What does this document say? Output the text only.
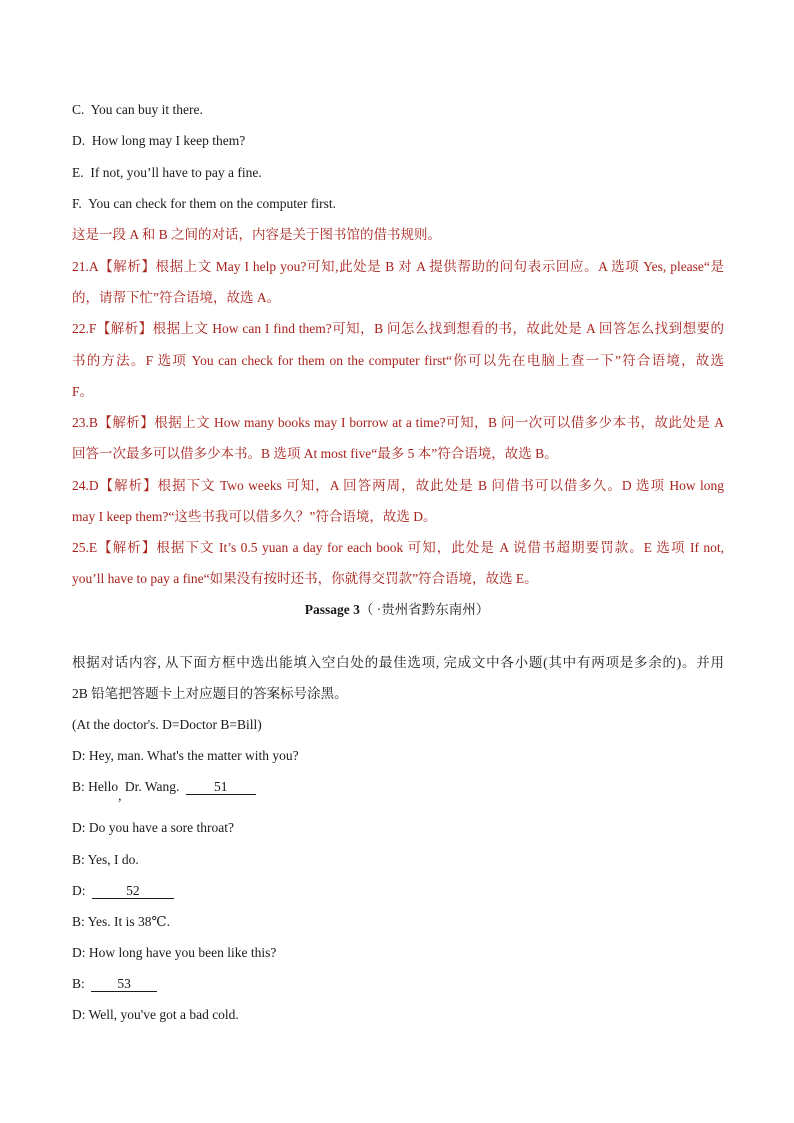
C. You can buy it there.
D. How long may I keep them?
E. If not, you’ll have to pay a fine.
F. You can check for them on the computer first.
这是一段 A 和 B 之间的对话，内容是关于图书馆的借书规则。
21.A【解析】根据上文 May I help you?可知,此处是 B 对 A 提供帮助的问句表示回应。A 选项 Yes, please“是
的，请帮下忙”符合语境，故选 A。
22.F【解析】根据上文 How can I find them?可知，B 问怎么找到想看的书，故此处是 A 回答怎么找到想要的
书的方法。F 选项 You can check for them on the computer first“你可以先在电脑上查一下”符合语境，故选
F。
23.B【解析】根据上文 How many books may I borrow at a time?可知，B 问一次可以借多少本书，故此处是 A
回答一次最多可以借多少本书。B 选项 At most five“最多 5 本”符合语境，故选 B。
24.D【解析】根据下文 Two weeks 可知，A 回答两周，故此处是 B 问借书可以借多久。D 选项 How long
may I keep them?“这些书我可以借多久？”符合语境，故选 D。
25.E【解析】根据下文 It’s 0.5 yuan a day for each book 可知，此处是 A 说借书超期要罚款。E 选项 If not,
you’ll have to pay a fine“如果没有按时还书，你就得交罚款”符合语境，故选 E。
Passage 3（ ·贵州省黔东南州）
根据对话内容, 从下面方框中选出能填入空白处的最佳选项, 完成文中各小题(其中有两项是多余的)。并用
2B 铅笔把答题卡上对应题目的答案标号涂黑。
(At the doctor's. D=Doctor B=Bill)
D: Hey, man. What's the matter with you?
B: Hello, Dr. Wang.	51
D: Do you have a sore throat?
B: Yes, I do.
D:	52
B: Yes. It is 38℃.
D: How long have you been like this?
B: 53
D: Well, you've got a bad cold.
